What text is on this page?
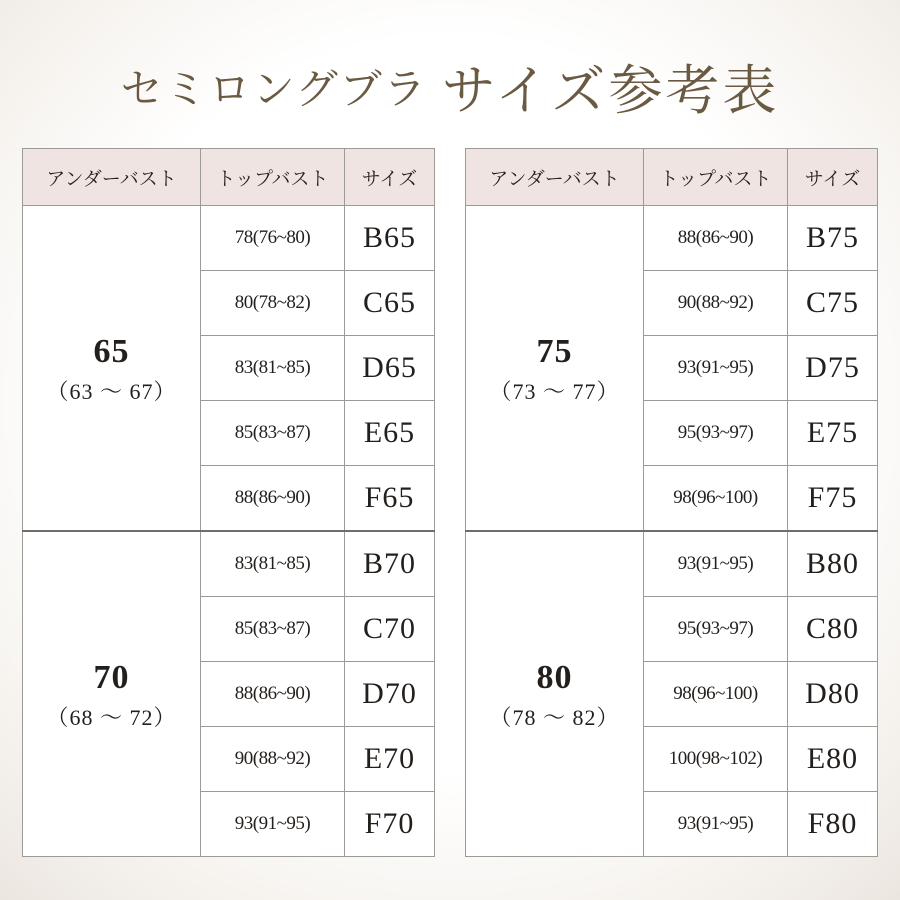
セミロングブラ サイズ参考表
アンダーバスト	トップバスト	サイズ

65
（63 ～ 67）	78(76~80)	B65
	80(78~82)	C65
	83(81~85)	D65
	85(83~87)	E65
	88(86~90)	F65

70
（68 ～ 72）	83(81~85)	B70
	85(83~87)	C70
	88(86~90)	D70
	90(88~92)	E70
	93(91~95)	F70
アンダーバスト	トップバスト	サイズ

75
（73 ～ 77）	88(86~90)	B75
	90(88~92)	C75
	93(91~95)	D75
	95(93~97)	E75
	98(96~100)	F75

80
（78 ～ 82）	93(91~95)	B80
	95(93~97)	C80
	98(96~100)	D80
	100(98~102)	E80
	93(91~95)	F80
